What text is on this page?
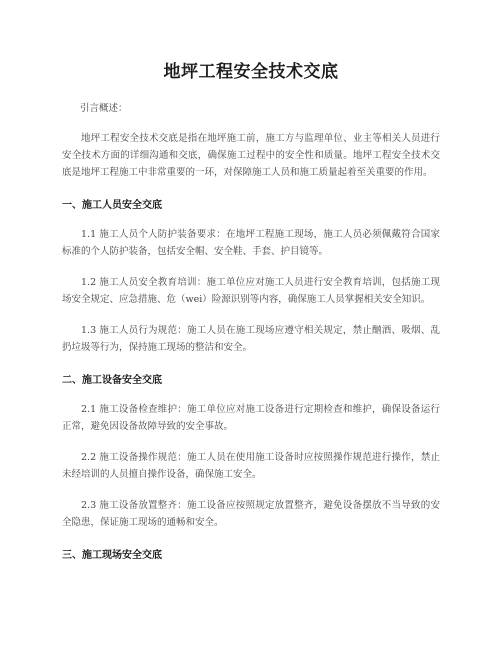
地坪工程安全技术交底
引言概述：

地坪工程安全技术交底是指在地坪施工前，施工方与监理单位、业主等相关人员进行安全技术方面的详细沟通和交底，确保施工过程中的安全性和质量。地坪工程安全技术交底是地坪工程施工中非常重要的一环，对保障施工人员和施工质量起着至关重要的作用。

一、施工人员安全交底

1.1 施工人员个人防护装备要求：在地坪工程施工现场，施工人员必须佩戴符合国家标准的个人防护装备，包括安全帽、安全鞋、手套、护目镜等。

1.2 施工人员安全教育培训：施工单位应对施工人员进行安全教育培训，包括施工现场安全规定、应急措施、危（wei）险源识别等内容，确保施工人员掌握相关安全知识。

1.3 施工人员行为规范：施工人员在施工现场应遵守相关规定，禁止酗酒、吸烟、乱扔垃圾等行为，保持施工现场的整洁和安全。

二、施工设备安全交底

2.1 施工设备检查维护：施工单位应对施工设备进行定期检查和维护，确保设备运行正常，避免因设备故障导致的安全事故。

2.2 施工设备操作规范：施工人员在使用施工设备时应按照操作规范进行操作，禁止未经培训的人员擅自操作设备，确保施工安全。

2.3 施工设备放置整齐：施工设备应按照规定放置整齐，避免设备摆放不当导致的安全隐患，保证施工现场的通畅和安全。

三、施工现场安全交底
